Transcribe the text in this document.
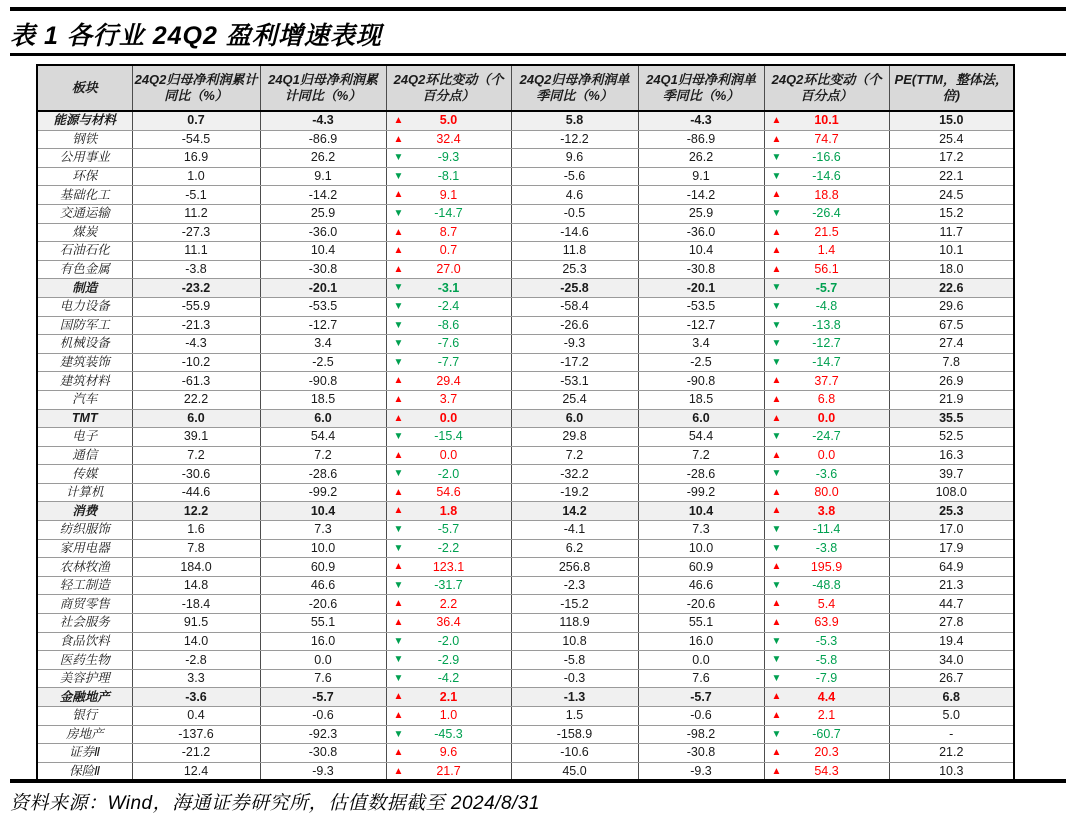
表 1 各行业 24Q2 盈利增速表现
板块	24Q2归母净利润累计同比（%）	24Q1归母净利润累计同比（%）	24Q2环比变动（个百分点）	24Q2归母净利润单季同比（%）	24Q1归母净利润单季同比（%）	24Q2环比变动（个百分点）	PE(TTM，整体法，倍)
能源与材料	0.7	-4.3	▲ 5.0	5.8	-4.3	▲ 10.1	15.0
钢铁	-54.5	-86.9	▲ 32.4	-12.2	-86.9	▲ 74.7	25.4
公用事业	16.9	26.2	▼ -9.3	9.6	26.2	▼ -16.6	17.2
环保	1.0	9.1	▼ -8.1	-5.6	9.1	▼ -14.6	22.1
基础化工	-5.1	-14.2	▲ 9.1	4.6	-14.2	▲ 18.8	24.5
交通运输	11.2	25.9	▼ -14.7	-0.5	25.9	▼ -26.4	15.2
煤炭	-27.3	-36.0	▲ 8.7	-14.6	-36.0	▲ 21.5	11.7
石油石化	11.1	10.4	▲ 0.7	11.8	10.4	▲ 1.4	10.1
有色金属	-3.8	-30.8	▲ 27.0	25.3	-30.8	▲ 56.1	18.0
制造	-23.2	-20.1	▼ -3.1	-25.8	-20.1	▼ -5.7	22.6
电力设备	-55.9	-53.5	▼ -2.4	-58.4	-53.5	▼ -4.8	29.6
国防军工	-21.3	-12.7	▼ -8.6	-26.6	-12.7	▼ -13.8	67.5
机械设备	-4.3	3.4	▼ -7.6	-9.3	3.4	▼ -12.7	27.4
建筑装饰	-10.2	-2.5	▼ -7.7	-17.2	-2.5	▼ -14.7	7.8
建筑材料	-61.3	-90.8	▲ 29.4	-53.1	-90.8	▲ 37.7	26.9
汽车	22.2	18.5	▲ 3.7	25.4	18.5	▲ 6.8	21.9
TMT	6.0	6.0	▲ 0.0	6.0	6.0	▲ 0.0	35.5
电子	39.1	54.4	▼ -15.4	29.8	54.4	▼ -24.7	52.5
通信	7.2	7.2	▲ 0.0	7.2	7.2	▲ 0.0	16.3
传媒	-30.6	-28.6	▼ -2.0	-32.2	-28.6	▼ -3.6	39.7
计算机	-44.6	-99.2	▲ 54.6	-19.2	-99.2	▲ 80.0	108.0
消费	12.2	10.4	▲ 1.8	14.2	10.4	▲ 3.8	25.3
纺织服饰	1.6	7.3	▼ -5.7	-4.1	7.3	▼ -11.4	17.0
家用电器	7.8	10.0	▼ -2.2	6.2	10.0	▼ -3.8	17.9
农林牧渔	184.0	60.9	▲ 123.1	256.8	60.9	▲ 195.9	64.9
轻工制造	14.8	46.6	▼ -31.7	-2.3	46.6	▼ -48.8	21.3
商贸零售	-18.4	-20.6	▲ 2.2	-15.2	-20.6	▲ 5.4	44.7
社会服务	91.5	55.1	▲ 36.4	118.9	55.1	▲ 63.9	27.8
食品饮料	14.0	16.0	▼ -2.0	10.8	16.0	▼ -5.3	19.4
医药生物	-2.8	0.0	▼ -2.9	-5.8	0.0	▼ -5.8	34.0
美容护理	3.3	7.6	▼ -4.2	-0.3	7.6	▼ -7.9	26.7
金融地产	-3.6	-5.7	▲ 2.1	-1.3	-5.7	▲ 4.4	6.8
银行	0.4	-0.6	▲ 1.0	1.5	-0.6	▲ 2.1	5.0
房地产	-137.6	-92.3	▼ -45.3	-158.9	-98.2	▼ -60.7	-
证券Ⅱ	-21.2	-30.8	▲ 9.6	-10.6	-30.8	▲ 20.3	21.2
保险Ⅱ	12.4	-9.3	▲ 21.7	45.0	-9.3	▲ 54.3	10.3
资料来源：Wind，海通证券研究所，估值数据截至 2024/8/31
